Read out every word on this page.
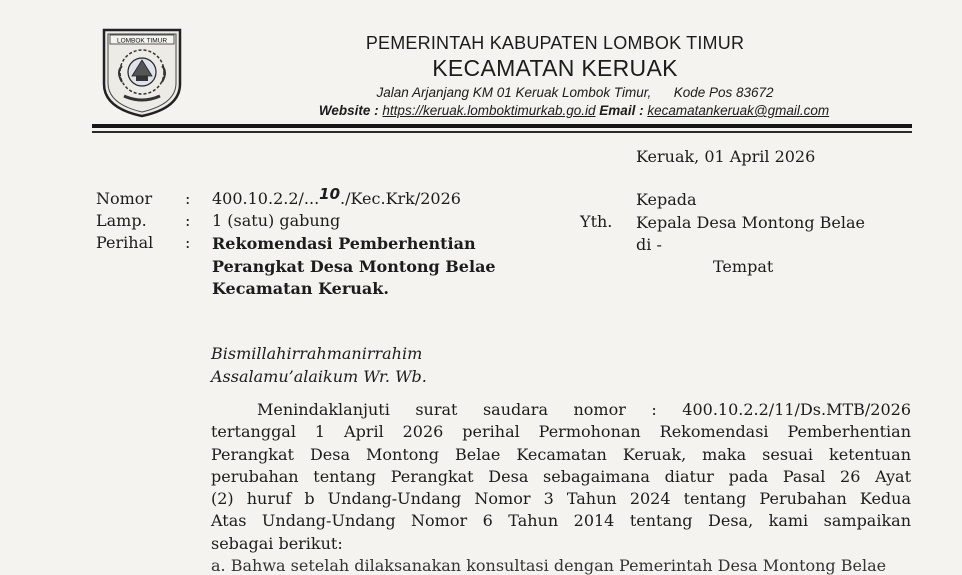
LOMBOK TIMUR	PEMERINTAH KABUPATEN LOMBOK TIMUR
KECAMATAN KERUAK
Jalan Arjanjang KM 01 Keruak Lombok Timur,      Kode Pos 83672
Website : https://keruak.lomboktimurkab.go.id Email : kecamatankeruak@gmail.com
Keruak, 01 April 2026
Nomor	: 400.10.2.2/...10./Kec.Krk/2026
Lamp.	: 1 (satu) gabung
Perihal	: Rekomendasi Pemberhentian
Perangkat Desa Montong Belae
Kecamatan Keruak.
Yth.
Kepada
Kepala Desa Montong Belae
di -
Tempat
Bismillahirrahmanirrahim
Assalamu’alaikum Wr. Wb.
Menindaklanjuti surat saudara nomor : 400.10.2.2/11/Ds.MTB/2026
tertanggal 1 April 2026 perihal Permohonan Rekomendasi Pemberhentian
Perangkat Desa Montong Belae Kecamatan Keruak, maka sesuai ketentuan
perubahan tentang Perangkat Desa sebagaimana diatur pada Pasal 26 Ayat
(2) huruf b Undang-Undang Nomor 3 Tahun 2024 tentang Perubahan Kedua
Atas Undang-Undang Nomor 6 Tahun 2014 tentang Desa, kami sampaikan
sebagai berikut:
a. Bahwa setelah dilaksanakan konsultasi dengan Pemerintah Desa Montong Belae
